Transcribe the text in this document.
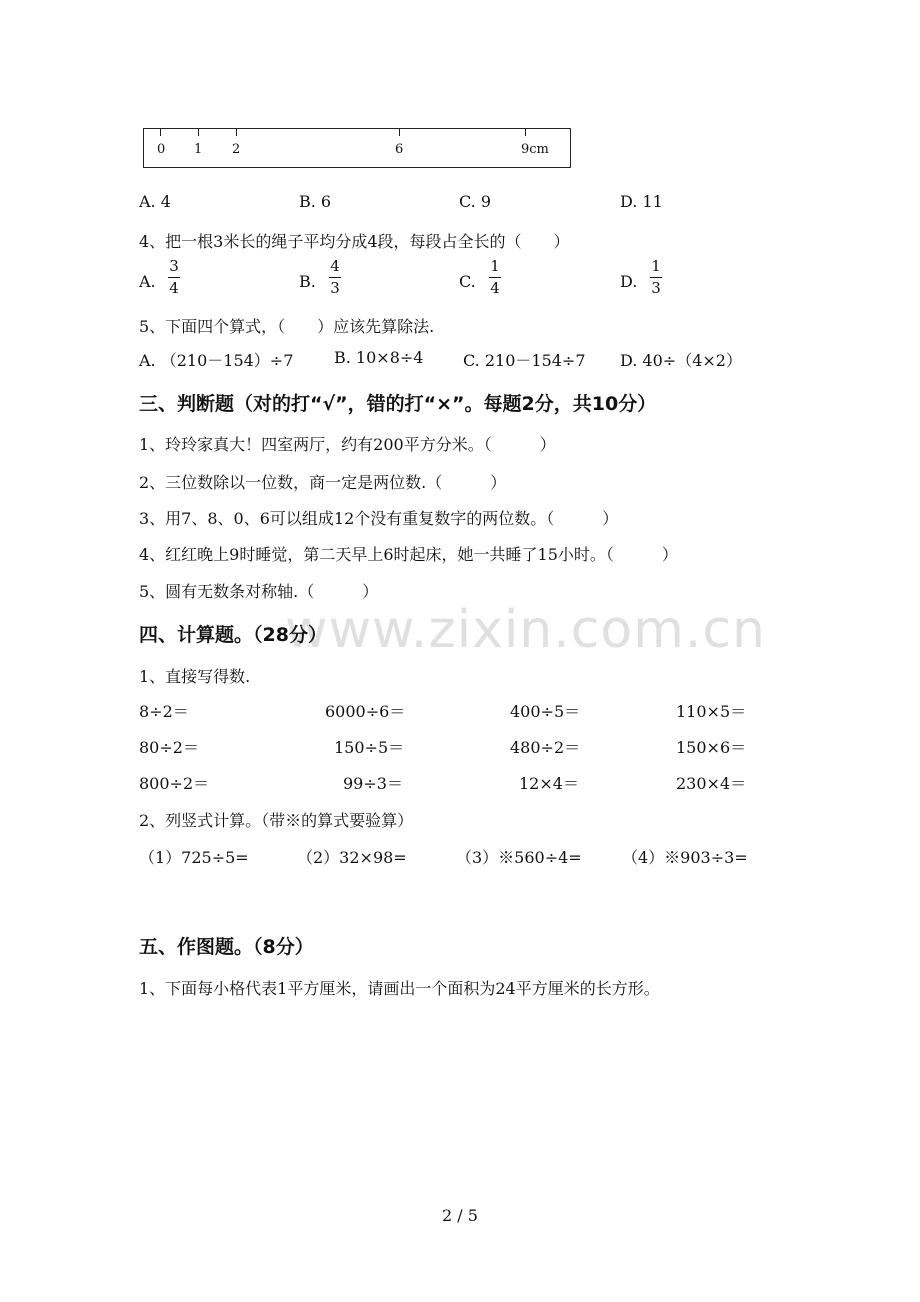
0 1 2	6	9cm
A. 4	B. 6	C. 9	D. 11
4、把一根3米长的绳子平均分成4段，每段占全长的（　　）
A.
3
4	B.
4
3	C.
1
4	D.
1
3
5、下面四个算式，（　　）应该先算除法.
A. （210－154）÷7	B. 10×8÷4 C. 210－154÷7 D. 40÷（4×2）
三、判断题（对的打“√”，错的打“×”。每题2分，共10分）
1、玲玲家真大！四室两厅，约有200平方分米。（　　　）
2、三位数除以一位数，商一定是两位数.（　　　）
3、用7、8、0、6可以组成12个没有重复数字的两位数。（　　　）
4、红红晚上9时睡觉，第二天早上6时起床，她一共睡了15小时。（　　　）
5、圆有无数条对称轴.（　　　）
www.zixin.com.cn
四、计算题。（28分）
1、直接写得数.
8÷2＝	6000÷6＝	400÷5＝	110×5＝
80÷2＝	150÷5＝	480÷2＝	150×6＝
800÷2＝	99÷3＝	12×4＝	230×4＝
2、列竖式计算。（带※的算式要验算）
（1）725÷5=	（2）32×98=	（3）※560÷4=	（4）※903÷3=
五、作图题。（8分）
1、下面每小格代表1平方厘米，请画出一个面积为24平方厘米的长方形。
2 / 5
